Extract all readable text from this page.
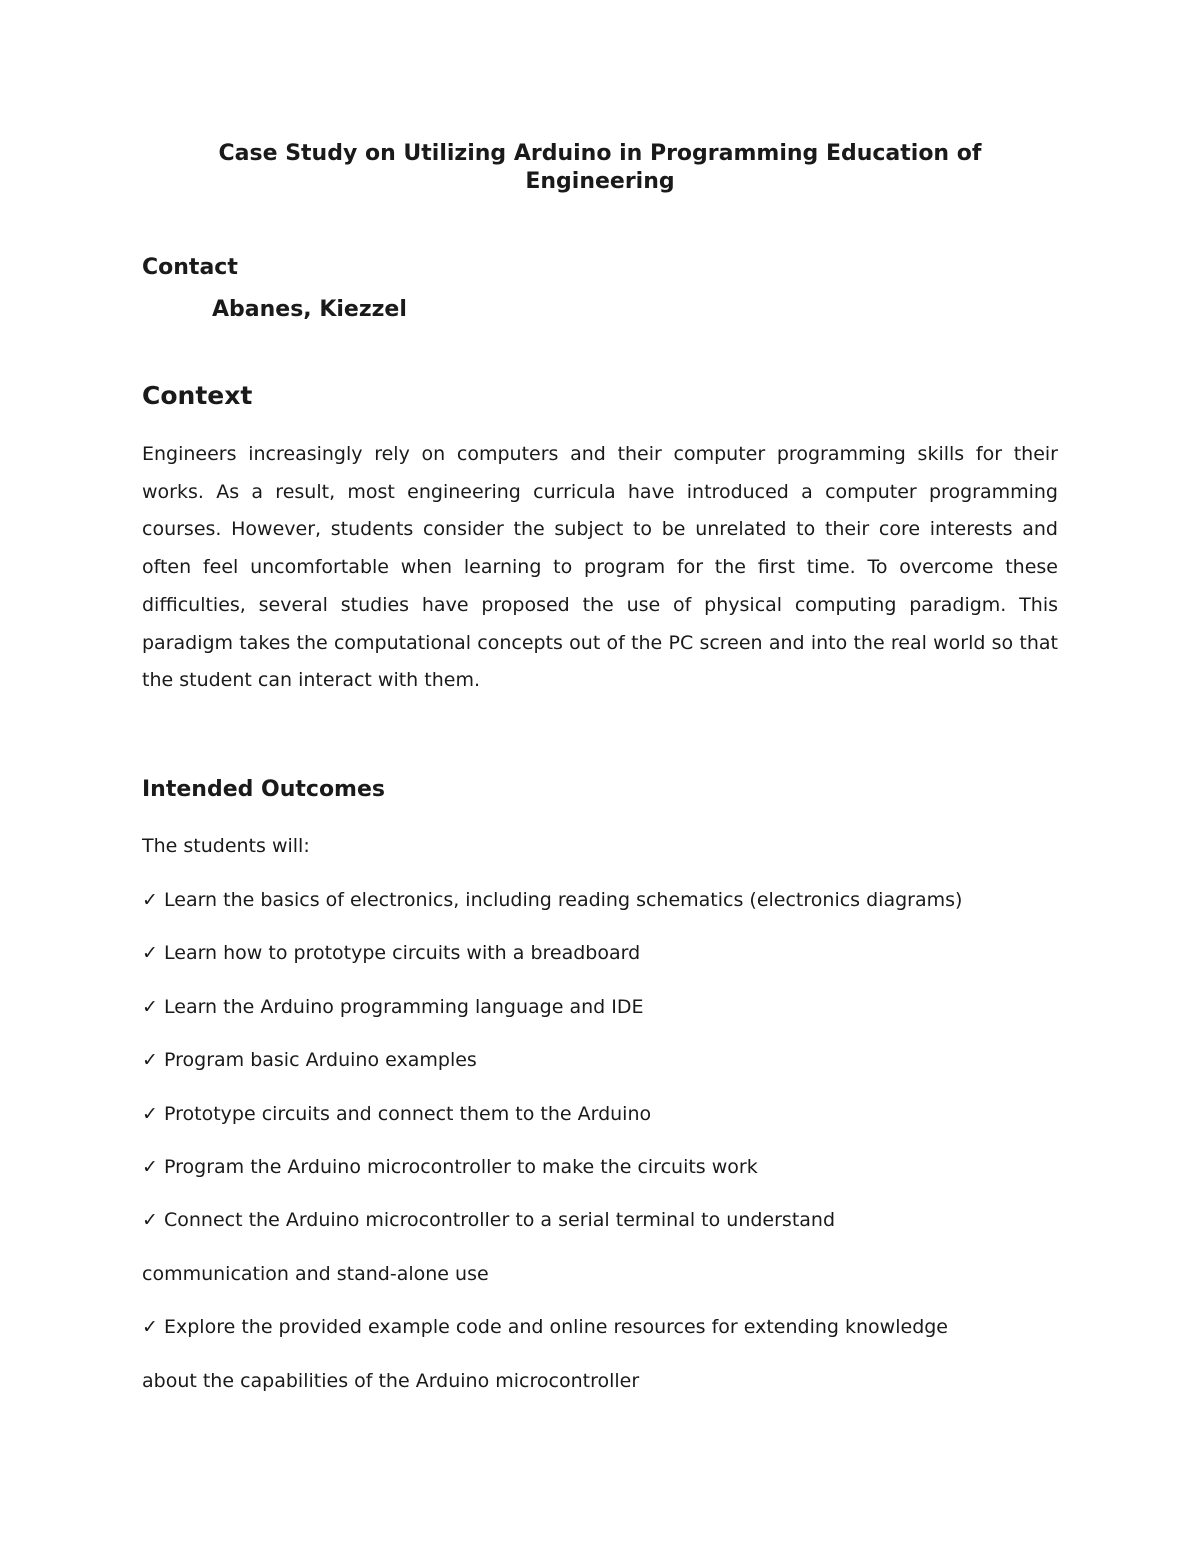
Case Study on Utilizing Arduino in Programming Education of Engineering
Contact
Abanes, Kiezzel
Context

Engineers increasingly rely on computers and their computer programming skills for their works. As a result, most engineering curricula have introduced a computer programming courses. However, students consider the subject to be unrelated to their core interests and often feel uncomfortable when learning to program for the first time. To overcome these difficulties, several studies have proposed the use of physical computing paradigm. This paradigm takes the computational concepts out of the PC screen and into the real world so that the student can interact with them.

Intended Outcomes

The students will:

✓ Learn the basics of electronics, including reading schematics (electronics diagrams)
✓ Learn how to prototype circuits with a breadboard
✓ Learn the Arduino programming language and IDE
✓ Program basic Arduino examples
✓ Prototype circuits and connect them to the Arduino
✓ Program the Arduino microcontroller to make the circuits work
✓ Connect the Arduino microcontroller to a serial terminal to understand
communication and stand-alone use
✓ Explore the provided example code and online resources for extending knowledge
about the capabilities of the Arduino microcontroller
